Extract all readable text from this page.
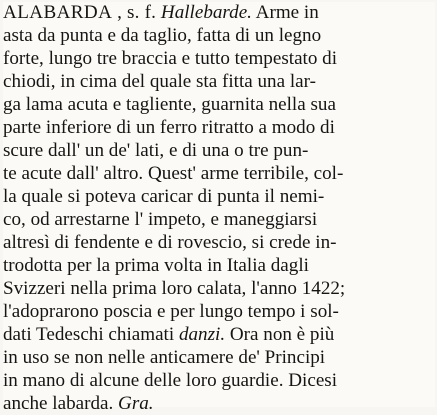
ALABARDA , s. f. Hallebarde. Arme in
asta da punta e da taglio, fatta di un legno
forte, lungo tre braccia e tutto tempestato di
chiodi, in cima del quale sta fitta una lar-
ga lama acuta e tagliente, guarnita nella sua
parte inferiore di un ferro ritratto a modo di
scure dall' un de' lati, e di una o tre pun-
te acute dall' altro. Quest' arme terribile, col-
la quale si poteva caricar di punta il nemi-
co, od arrestarne l' impeto, e maneggiarsi
altresì di fendente e di rovescio, si crede in-
trodotta per la prima volta in Italia dagli
Svizzeri nella prima loro calata, l'anno 1422;
l'adoprarono poscia e per lungo tempo i sol-
dati Tedeschi chiamati danzi. Ora non è più
in uso se non nelle anticamere de' Principi
in mano di alcune delle loro guardie. Dicesi
anche labarda. Gra.
